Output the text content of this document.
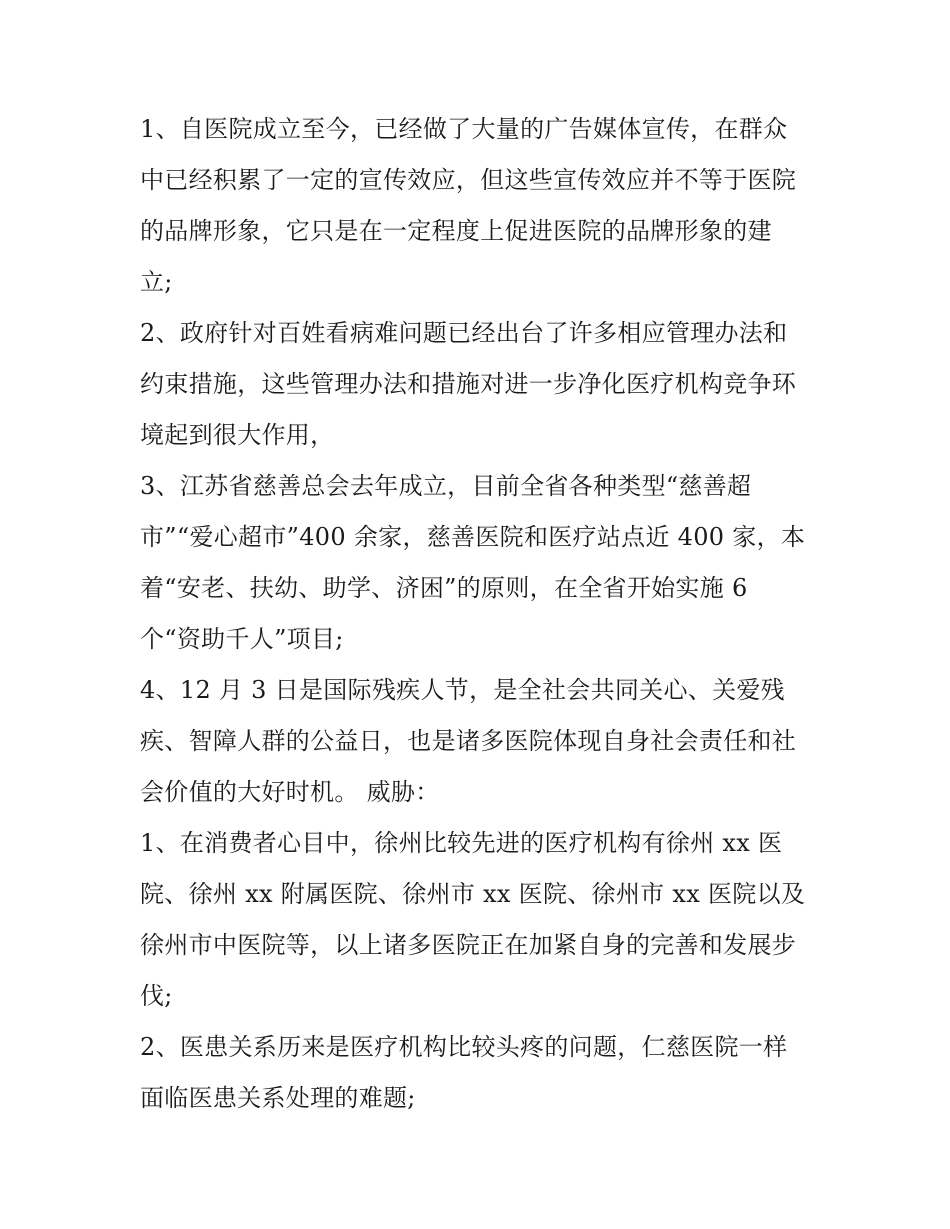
1、自医院成立至今，已经做了大量的广告媒体宣传，在群众
中已经积累了一定的宣传效应，但这些宣传效应并不等于医院
的品牌形象，它只是在一定程度上促进医院的品牌形象的建
立;
2、政府针对百姓看病难问题已经出台了许多相应管理办法和
约束措施，这些管理办法和措施对进一步净化医疗机构竞争环
境起到很大作用，
3、江苏省慈善总会去年成立，目前全省各种类型“慈善超
市”“爱心超市”400 余家，慈善医院和医疗站点近 400 家，本
着“安老、扶幼、助学、济困”的原则，在全省开始实施 6
个“资助千人”项目;
4、12 月 3 日是国际残疾人节，是全社会共同关心、关爱残
疾、智障人群的公益日，也是诸多医院体现自身社会责任和社
会价值的大好时机。 威胁：
1、在消费者心目中，徐州比较先进的医疗机构有徐州 xx 医
院、徐州 xx 附属医院、徐州市 xx 医院、徐州市 xx 医院以及
徐州市中医院等，以上诸多医院正在加紧自身的完善和发展步
伐;
2、医患关系历来是医疗机构比较头疼的问题，仁慈医院一样
面临医患关系处理的难题;
